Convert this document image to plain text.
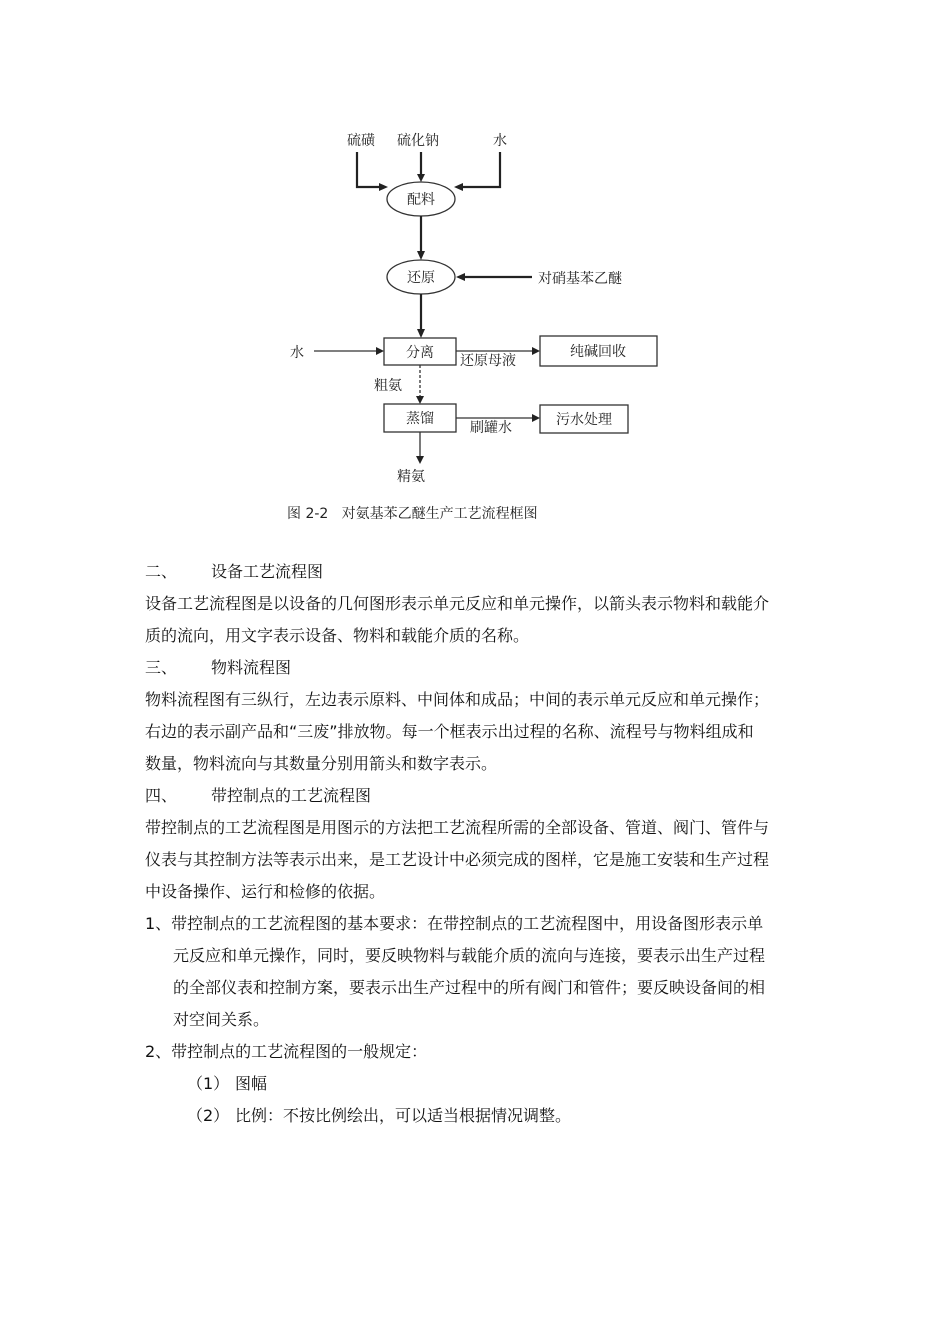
硫磺 硫化钠	水
配料
还原	对硝基苯乙醚
分离
水	还原母液
纯碱回收
粗氨
蒸馏
刷罐水	污水处理
精氨
图 2-2   对氨基苯乙醚生产工艺流程框图
二、	设备工艺流程图
设备工艺流程图是以设备的几何图形表示单元反应和单元操作，以箭头表示物料和载能介
质的流向，用文字表示设备、物料和载能介质的名称。
三、	物料流程图
物料流程图有三纵行，左边表示原料、中间体和成品；中间的表示单元反应和单元操作；
右边的表示副产品和“三废”排放物。每一个框表示出过程的名称、流程号与物料组成和
数量，物料流向与其数量分别用箭头和数字表示。
四、	带控制点的工艺流程图
带控制点的工艺流程图是用图示的方法把工艺流程所需的全部设备、管道、阀门、管件与
仪表与其控制方法等表示出来，是工艺设计中必须完成的图样，它是施工安装和生产过程
中设备操作、运行和检修的依据。
1、带控制点的工艺流程图的基本要求：在带控制点的工艺流程图中，用设备图形表示单
元反应和单元操作，同时，要反映物料与载能介质的流向与连接，要表示出生产过程
的全部仪表和控制方案，要表示出生产过程中的所有阀门和管件；要反映设备间的相
对空间关系。
2、带控制点的工艺流程图的一般规定：
（1） 图幅
（2） 比例：不按比例绘出，可以适当根据情况调整。
